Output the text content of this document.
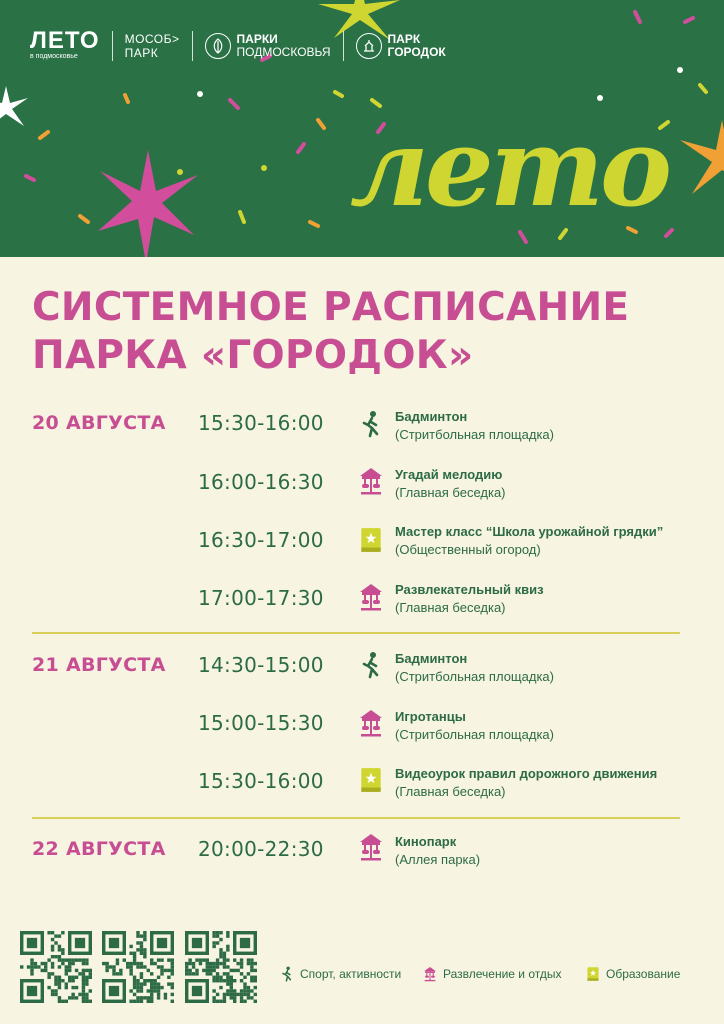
ЛЕТО
в подмосковье
МОСОБ>
ПАРК
ПАРКИ
ПОДМОСКОВЬЯ
ПАРК
ГОРОДОК
лето
СИСТЕМНОЕ РАСПИСАНИЕ
ПАРКА «ГОРОДОК»
20 АВГУСТА 15:30-16:00	Бадминтон
(Стритбольная площадка)
16:00-16:30	Угадай мелодию
(Главная беседка)
16:30-17:00	Мастер класс “Школа урожайной грядки”
(Общественный огород)
17:00-17:30	Развлекательный квиз
(Главная беседка)
21 АВГУСТА 14:30-15:00	Бадминтон
(Стритбольная площадка)
15:00-15:30	Игротанцы
(Стритбольная площадка)
15:30-16:00	Видеоурок правил дорожного движения
(Главная беседка)
22 АВГУСТА 20:00-22:30	Кинопарк
(Аллея парка)
Спорт, активности	Развлечение и отдых	Образование
